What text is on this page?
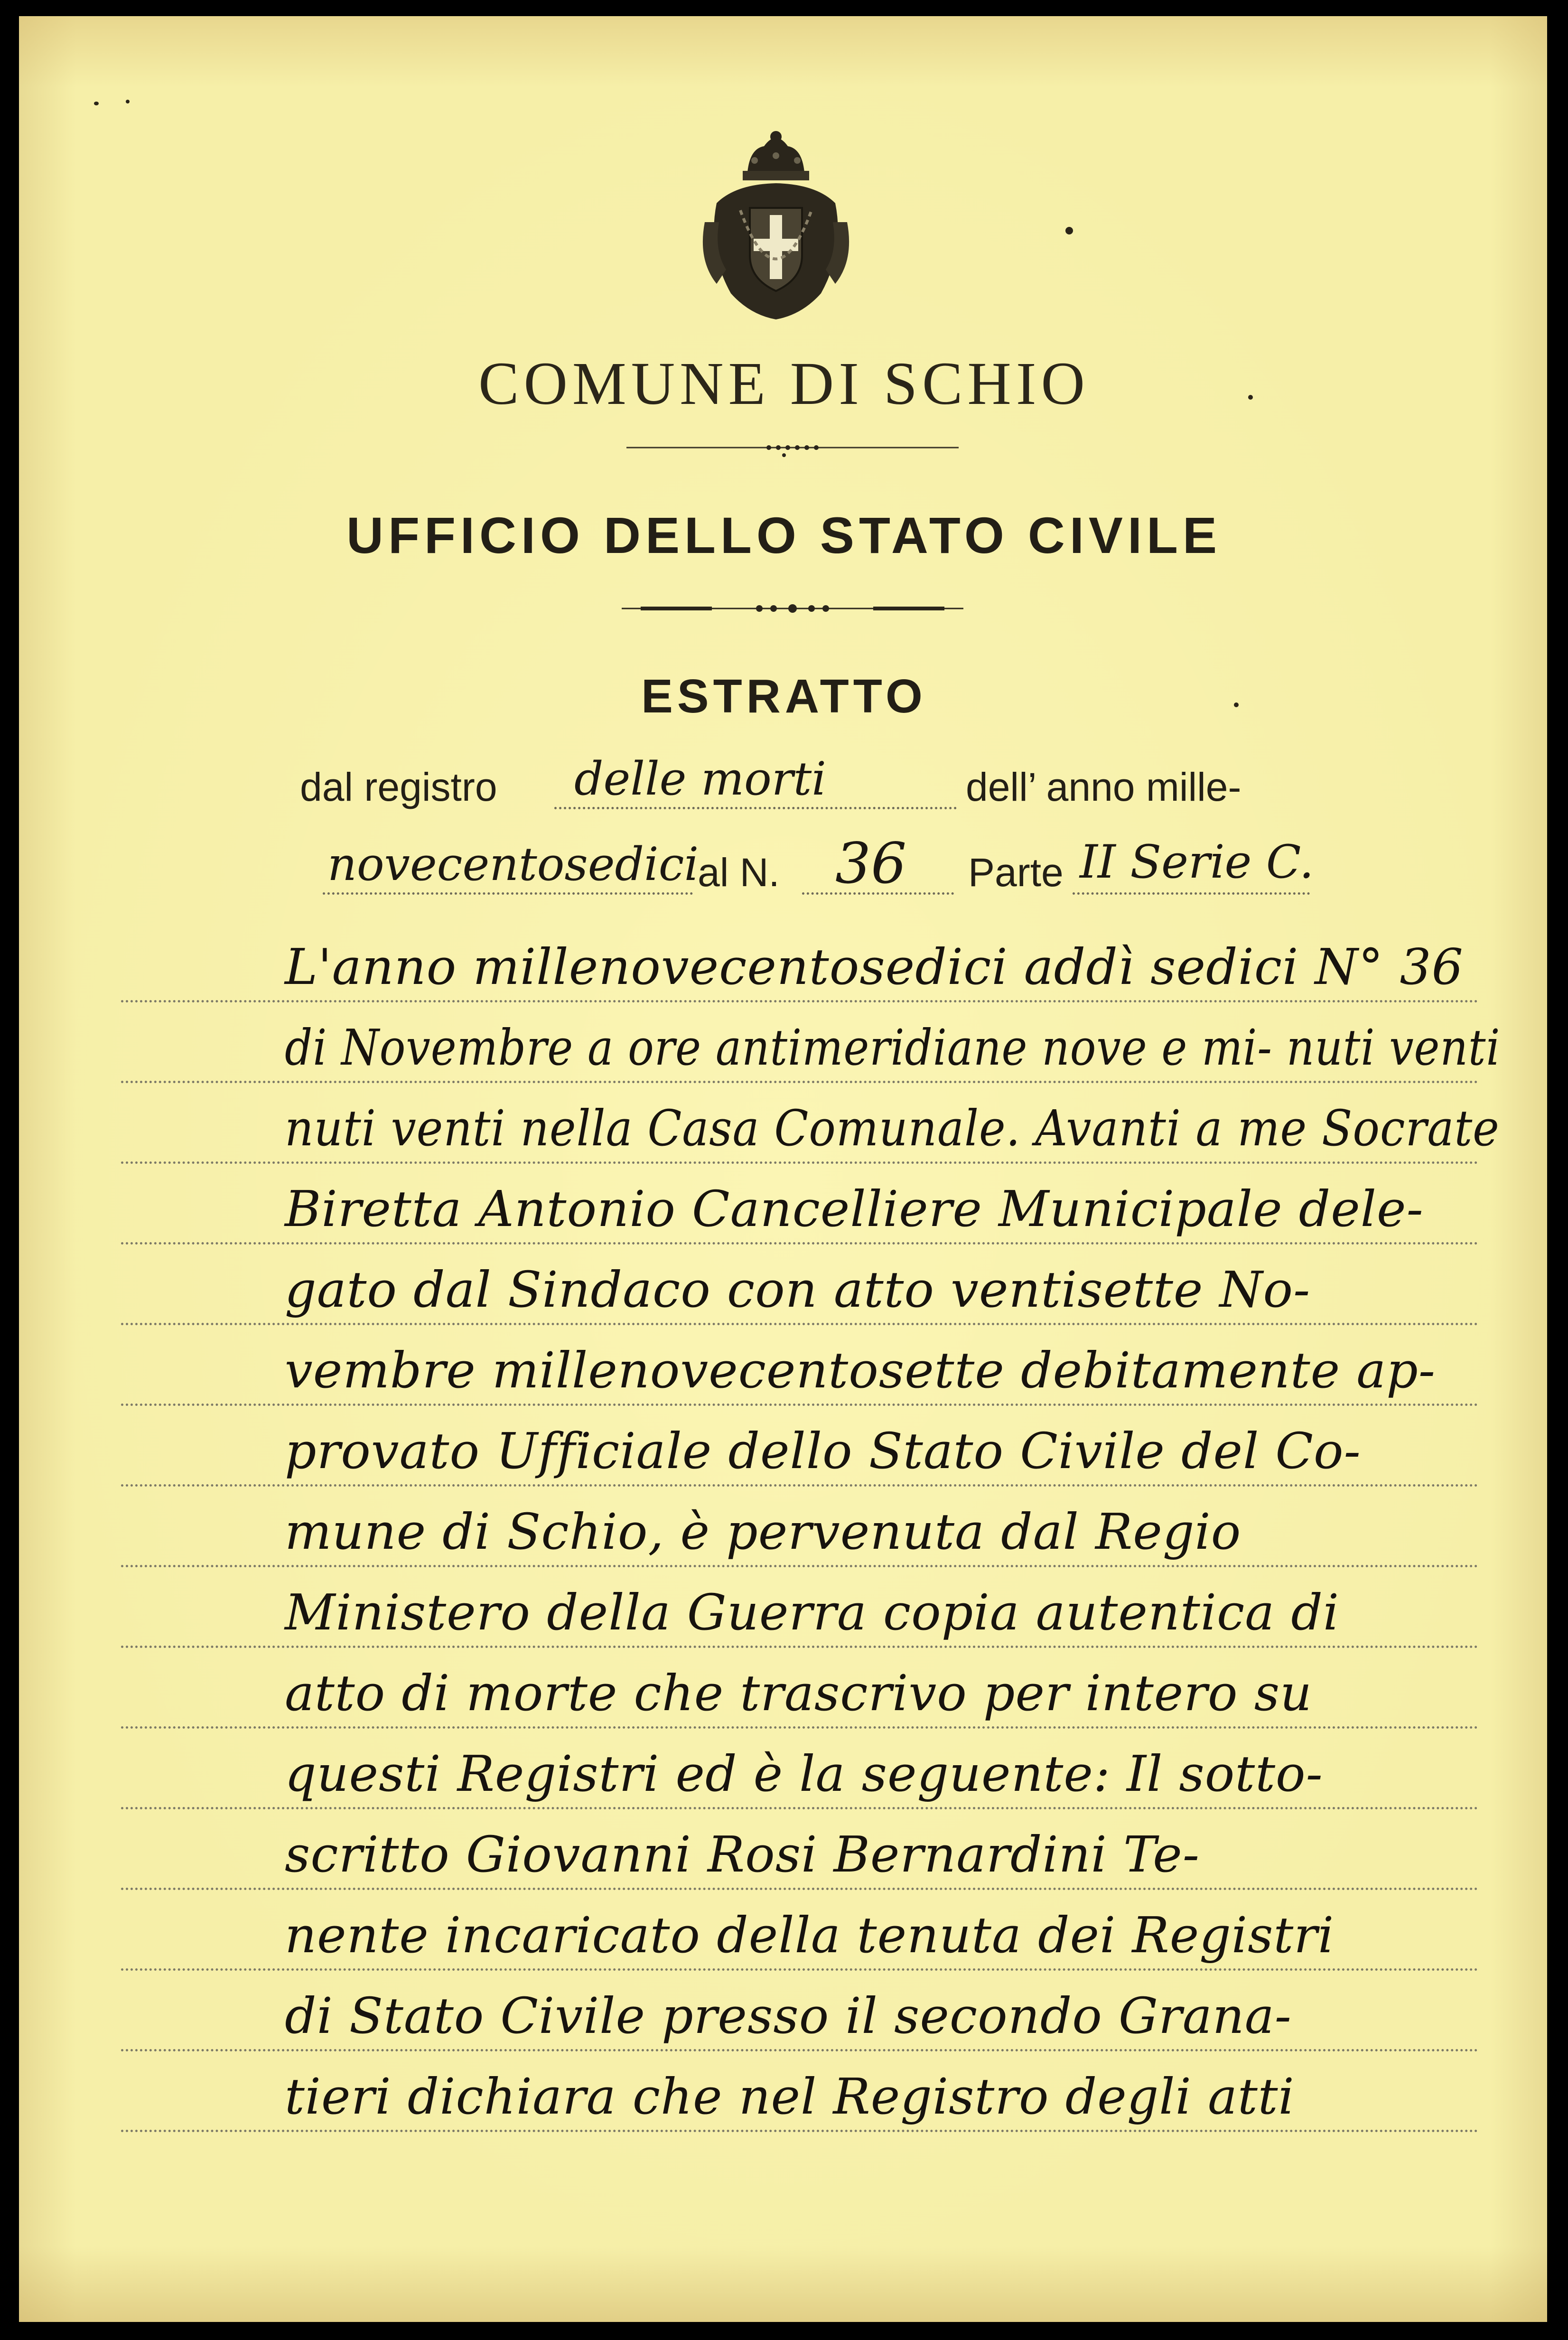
COMUNE DI SCHIO
UFFICIO DELLO STATO CIVILE
ESTRATTO
dal registro delle morti	dell’ anno mille-
novecentosedici
al N. 36 Parte II Serie C.
L'anno millenovecentosedici addì sedici N° 36
di Novembre a ore antimeridiane nove e mi- nuti venti
nuti venti nella Casa Comunale. Avanti a me Socrate
Biretta Antonio Cancelliere Municipale dele-
gato dal Sindaco con atto ventisette No-
vembre millenovecentosette debitamente ap-
provato Ufficiale dello Stato Civile del Co-
mune di Schio, è pervenuta dal Regio
Ministero della Guerra copia autentica di
atto di morte che trascrivo per intero su
questi Registri ed è la seguente: Il sotto-
scritto Giovanni Rosi Bernardini Te-
nente incaricato della tenuta dei Registri
di Stato Civile presso il secondo Grana-
tieri dichiara che nel Registro degli atti
